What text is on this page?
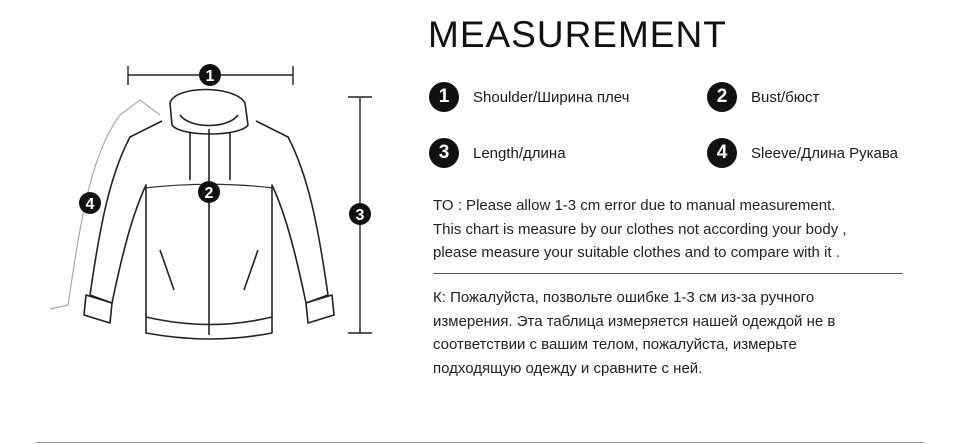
1
2
3
4
MEASUREMENT
1	Shoulder/Ширина плеч	2	Bust/бюст
3	Length/длина	4	Sleeve/Длина Рукава
TO : Please allow 1-3 cm error due to manual measurement.
This chart is measure by our clothes not according your body ,
please measure your suitable clothes and to compare with it .
К: Пожалуйста, позвольте ошибке 1-3 см из-за ручного
измерения. Эта таблица измеряется нашей одеждой не в
соответствии с вашим телом, пожалуйста, измерьте
подходящую одежду и сравните с ней.
